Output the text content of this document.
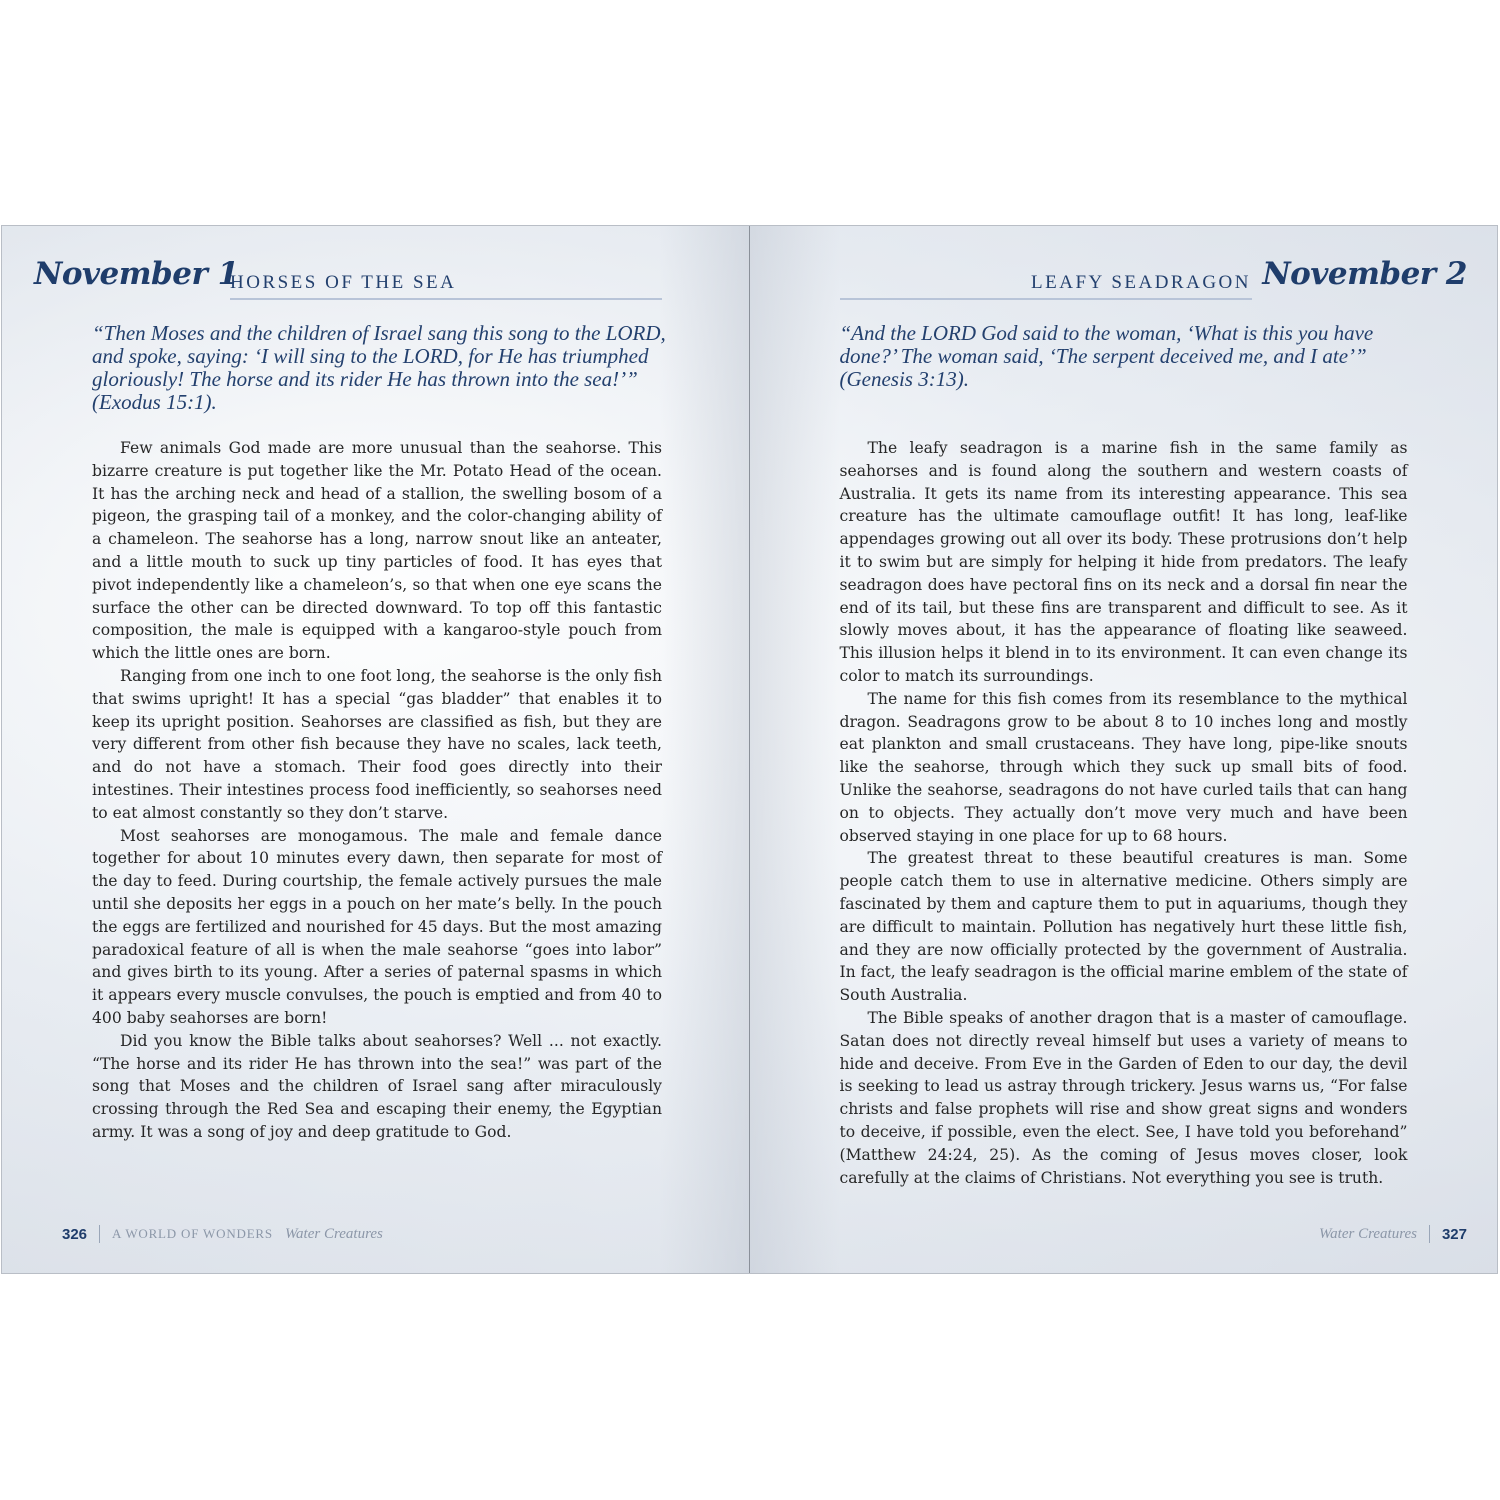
November 1
HORSES OF THE SEA
“Then Moses and the children of Israel sang this song to the LORD, and spoke, saying: ‘I will sing to the LORD, for He has triumphed gloriously! The horse and its rider He has thrown into the sea!’” (Exodus 15:1).

Few animals God made are more unusual than the seahorse. This bizarre creature is put together like the Mr. Potato Head of the ocean. It has the arching neck and head of a stallion, the swelling bosom of a pigeon, the grasping tail of a monkey, and the color-changing ability of a chameleon. The seahorse has a long, narrow snout like an anteater, and a little mouth to suck up tiny particles of food. It has eyes that pivot independently like a chameleon’s, so that when one eye scans the surface the other can be directed downward. To top off this fantastic composition, the male is equipped with a kangaroo-style pouch from which the little ones are born.

Ranging from one inch to one foot long, the seahorse is the only fish that swims upright! It has a special “gas bladder” that enables it to keep its upright position. Seahorses are classified as fish, but they are very different from other fish because they have no scales, lack teeth, and do not have a stomach. Their food goes directly into their intestines. Their intestines process food inefficiently, so seahorses need to eat almost constantly so they don’t starve.

Most seahorses are monogamous. The male and female dance together for about 10 minutes every dawn, then separate for most of the day to feed. During courtship, the female actively pursues the male until she deposits her eggs in a pouch on her mate’s belly. In the pouch the eggs are fertilized and nourished for 45 days. But the most amazing paradoxical feature of all is when the male seahorse “goes into labor” and gives birth to its young. After a series of paternal spasms in which it appears every muscle convulses, the pouch is emptied and from 40 to 400 baby seahorses are born!

Did you know the Bible talks about seahorses? Well ... not exactly. “The horse and its rider He has thrown into the sea!” was part of the song that Moses and the children of Israel sang after miraculously crossing through the Red Sea and escaping their enemy, the Egyptian army. It was a song of joy and deep gratitude to God.

326 A WORLD OF WONDERS Water Creatures
LEAFY SEADRAGON November 2
“And the LORD God said to the woman, ‘What is this you have done?’ The woman said, ‘The serpent deceived me, and I ate’” (Genesis 3:13).

The leafy seadragon is a marine fish in the same family as seahorses and is found along the southern and western coasts of Australia. It gets its name from its interesting appearance. This sea creature has the ultimate camouflage outfit! It has long, leaf-like appendages growing out all over its body. These protrusions don’t help it to swim but are simply for helping it hide from predators. The leafy seadragon does have pectoral fins on its neck and a dorsal fin near the end of its tail, but these fins are transparent and difficult to see. As it slowly moves about, it has the appearance of floating like seaweed. This illusion helps it blend in to its environment. It can even change its color to match its surroundings.

The name for this fish comes from its resemblance to the mythical dragon. Seadragons grow to be about 8 to 10 inches long and mostly eat plankton and small crustaceans. They have long, pipe-like snouts like the seahorse, through which they suck up small bits of food. Unlike the seahorse, seadragons do not have curled tails that can hang on to objects. They actually don’t move very much and have been observed staying in one place for up to 68 hours.

The greatest threat to these beautiful creatures is man. Some people catch them to use in alternative medicine. Others simply are fascinated by them and capture them to put in aquariums, though they are difficult to maintain. Pollution has negatively hurt these little fish, and they are now officially protected by the government of Australia. In fact, the leafy seadragon is the official marine emblem of the state of South Australia.

The Bible speaks of another dragon that is a master of camouflage. Satan does not directly reveal himself but uses a variety of means to hide and deceive. From Eve in the Garden of Eden to our day, the devil is seeking to lead us astray through trickery. Jesus warns us, “For false christs and false prophets will rise and show great signs and wonders to deceive, if possible, even the elect. See, I have told you beforehand” (Matthew 24:24, 25). As the coming of Jesus moves closer, look carefully at the claims of Christians. Not everything you see is truth.

Water Creatures 327
